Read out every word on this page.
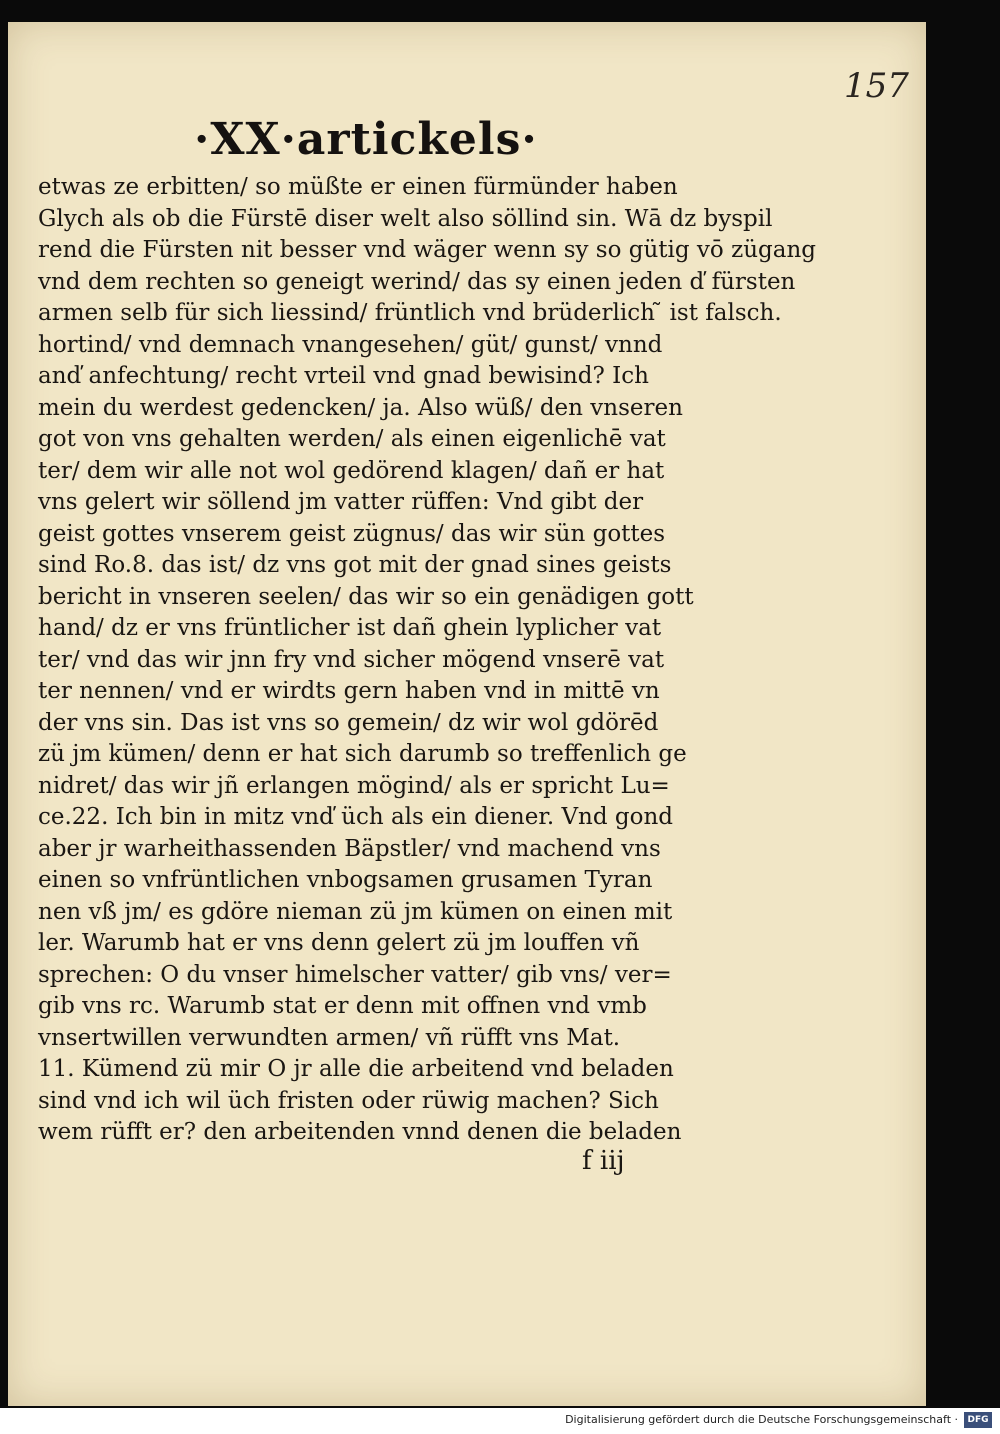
157
·XX·artickels·
etwas ze erbitten/ so müßte er einen fürmünder haben
Glych als ob die Fürstē diser welt also söllind sin. Wā dz byspil
rend die Fürsten nit besser vnd wäger wenn sy so gütig vō zügang
vnd dem rechten so geneigt werind/ das sy einen jeden ď fürsten
armen selb für sich liessind/ früntlich vnd brüderlich ̃ ist falsch.
hortind/ vnd demnach vnangesehen/ güt/ gunst/ vnnd
anď anfechtung/ recht vrteil vnd gnad bewisind? Ich
mein du werdest gedencken/ ja. Also wüß/ den vnseren
got von vns gehalten werden/ als einen eigenlichē vat
ter/ dem wir alle not wol gedörend klagen/ dañ er hat
vns gelert wir söllend jm vatter rüffen: Vnd gibt der
geist gottes vnserem geist zügnus/ das wir sün gottes
sind Ro.8. das ist/ dz vns got mit der gnad sines geists
bericht in vnseren seelen/ das wir so ein genädigen gott
hand/ dz er vns früntlicher ist dañ ghein lyplicher vat
ter/ vnd das wir jnn fry vnd sicher mögend vnserē vat
ter nennen/ vnd er wirdts gern haben vnd in mittē vn
der vns sin. Das ist vns so gemein/ dz wir wol gdörēd
zü jm kümen/ denn er hat sich darumb so treffenlich ge
nidret/ das wir jñ erlangen mögind/ als er spricht Lu=
ce.22. Ich bin in mitz vnď üch als ein diener. Vnd gond
aber jr warheithassenden Bäpstler/ vnd machend vns
einen so vnfrüntlichen vnbogsamen grusamen Tyran
nen vß jm/ es gdöre nieman zü jm kümen on einen mit
ler. Warumb hat er vns denn gelert zü jm louffen vñ
sprechen: O du vnser himelscher vatter/ gib vns/ ver=
gib vns rc. Warumb stat er denn mit offnen vnd vmb
vnsertwillen verwundten armen/ vñ rüfft vns Mat.
11. Kümend zü mir O jr alle die arbeitend vnd beladen
sind vnd ich wil üch fristen oder rüwig machen? Sich
wem rüfft er? den arbeitenden vnnd denen die beladen
f iij
Digitalisierung gefördert durch die Deutsche Forschungsgemeinschaft ·	DFG
